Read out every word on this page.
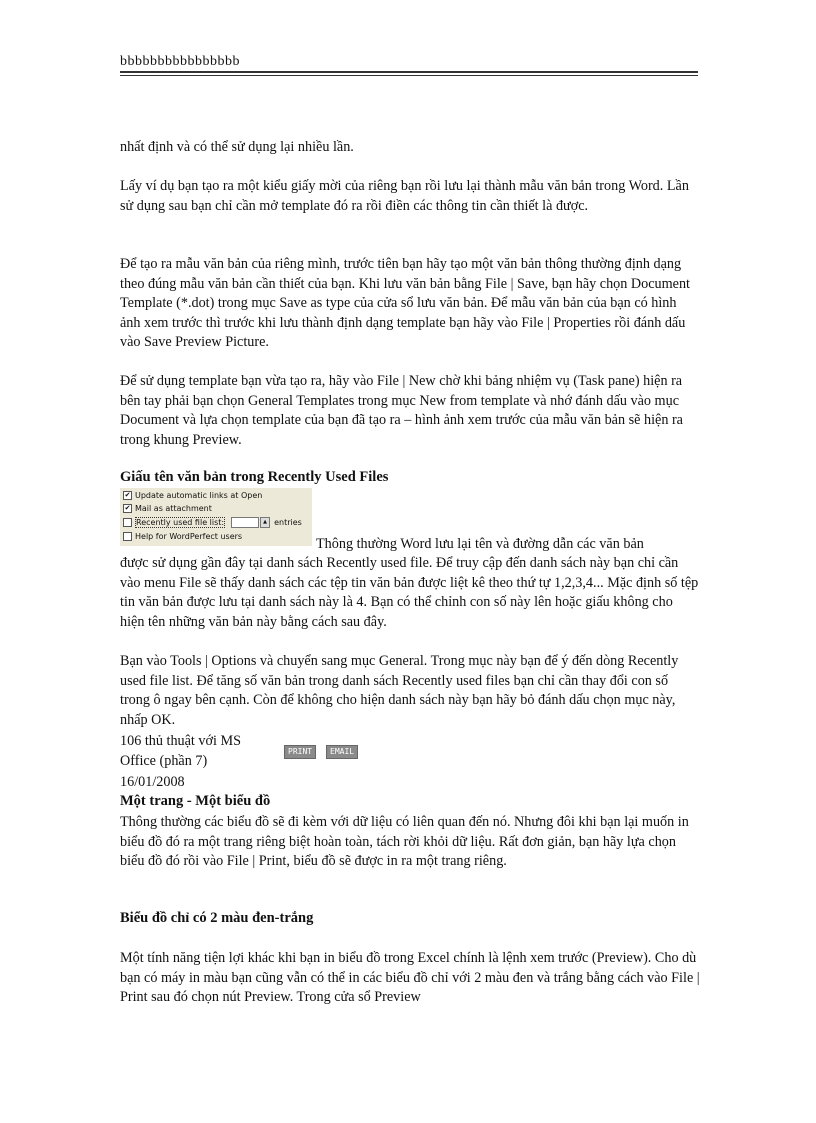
bbbbbbbbbbbbbbbb

nhất định và có thể sử dụng lại nhiều lần.

Lấy ví dụ bạn tạo ra một kiểu giấy mời của riêng bạn rồi lưu lại thành mẫu văn bản trong Word. Lần sử dụng sau bạn chỉ cần mở template đó ra rồi điền các thông tin cần thiết là được.

Để tạo ra mẫu văn bản của riêng mình, trước tiên bạn hãy tạo một văn bản thông thường định dạng theo đúng mẫu văn bản cần thiết của bạn. Khi lưu văn bản bằng File | Save, bạn hãy chọn Document Template (*.dot) trong mục Save as type của cửa sổ lưu văn bản. Để mẫu văn bản của bạn có hình ảnh xem trước thì trước khi lưu thành định dạng template bạn hãy vào File | Properties rồi đánh dấu vào Save Preview Picture.

Để sử dụng template bạn vừa tạo ra, hãy vào File | New chờ khi bảng nhiệm vụ (Task pane) hiện ra bên tay phải bạn chọn General Templates trong mục New from template và nhớ đánh dấu vào mục Document và lựa chọn template của bạn đã tạo ra – hình ảnh xem trước của mẫu văn bản sẽ hiện ra trong khung Preview.

Giấu tên văn bản trong Recently Used Files

✔ Update automatic links at Open
✔ Mail as attachment
Recently used file list:	▲ entries
Help for WordPerfect users	Thông thường Word lưu lại tên và đường dẫn các văn bản

được sử dụng gần đây tại danh sách Recently used file. Để truy cập đến danh sách này bạn chỉ cần vào menu File sẽ thấy danh sách các tệp tin văn bản được liệt kê theo thứ tự 1,2,3,4... Mặc định số tệp tin văn bản được lưu tại danh sách này là 4. Bạn có thể chỉnh con số này lên hoặc giấu không cho hiện tên những văn bản này bằng cách sau đây.

Bạn vào Tools | Options và chuyển sang mục General. Trong mục này bạn để ý đến dòng Recently used file list. Để tăng số văn bản trong danh sách Recently used files bạn chỉ cần thay đổi con số trong ô ngay bên cạnh. Còn để không cho hiện danh sách này bạn hãy bỏ đánh dấu chọn mục này, nhấp OK.

106 thủ thuật với MS

Office (phần 7)

PRINT	EMAIL

16/01/2008

Một trang - Một biểu đồ

Thông thường các biểu đồ sẽ đi kèm với dữ liệu có liên quan đến nó. Nhưng đôi khi bạn lại muốn in biểu đồ đó ra một trang riêng biệt hoàn toàn, tách rời khỏi dữ liệu. Rất đơn giản, bạn hãy lựa chọn biểu đồ đó rồi vào File | Print, biểu đồ sẽ được in ra một trang riêng.

Biểu đồ chỉ có 2 màu đen-trắng

Một tính năng tiện lợi khác khi bạn in biểu đồ trong Excel chính là lệnh xem trước (Preview). Cho dù bạn có máy in màu bạn cũng vẫn có thể in các biểu đồ chỉ với 2 màu đen và trắng bằng cách vào File | Print sau đó chọn nút Preview. Trong cửa sổ Preview
